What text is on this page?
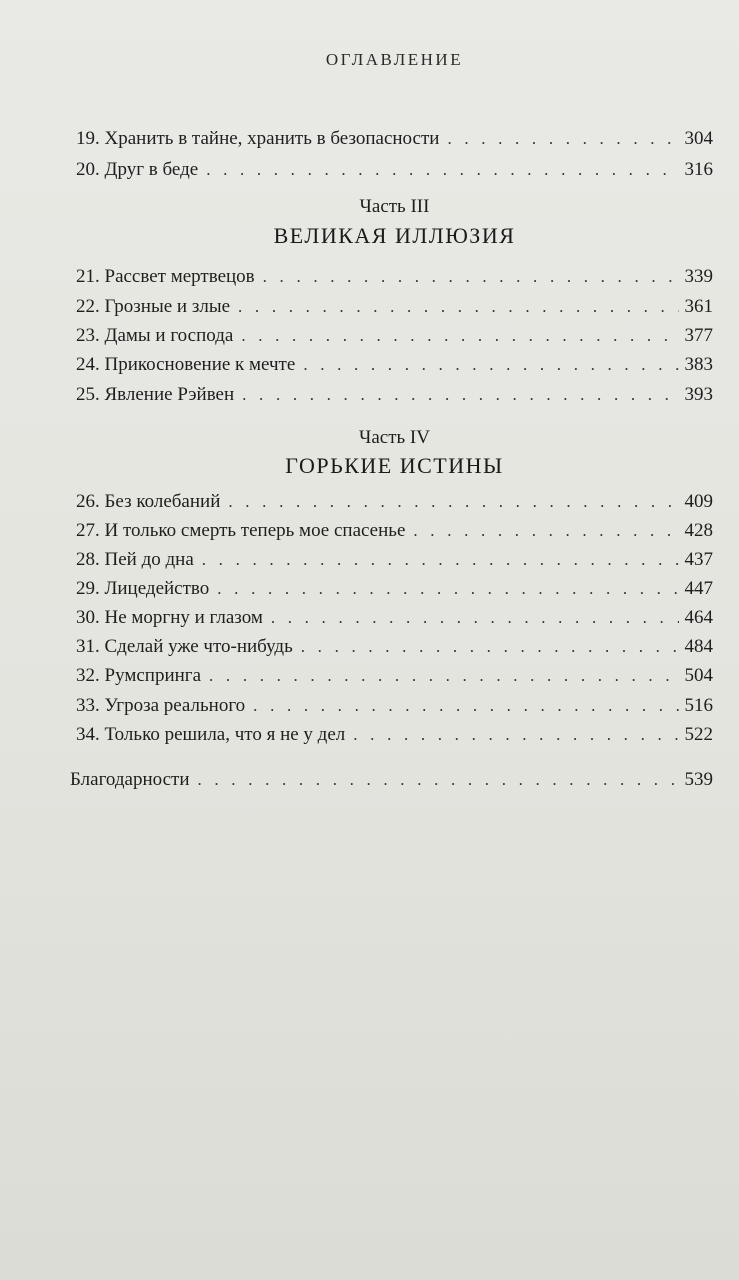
ОГЛАВЛЕНИЕ
19. Хранить в тайне, хранить в безопасности . . .	304
20. Друг в беде . . .	316
Часть III
ВЕЛИКАЯ ИЛЛЮЗИЯ
21. Рассвет мертвецов . . .	339
22. Грозные и злые . . .	361
23. Дамы и господа . . .	377
24. Прикосновение к мечте . . .	383
25. Явление Рэйвен . . .	393
Часть IV
ГОРЬКИЕ ИСТИНЫ
26. Без колебаний . . .	409
27. И только смерть теперь мое спасенье . . .	428
28. Пей до дна . . .	437
29. Лицедейство . . .	447
30. Не моргну и глазом . . .	464
31. Сделай уже что-нибудь . . .	484
32. Румспринга . . .	504
33. Угроза реального . . .	516
34. Только решила, что я не у дел . . .	522
Благодарности . . .	539
